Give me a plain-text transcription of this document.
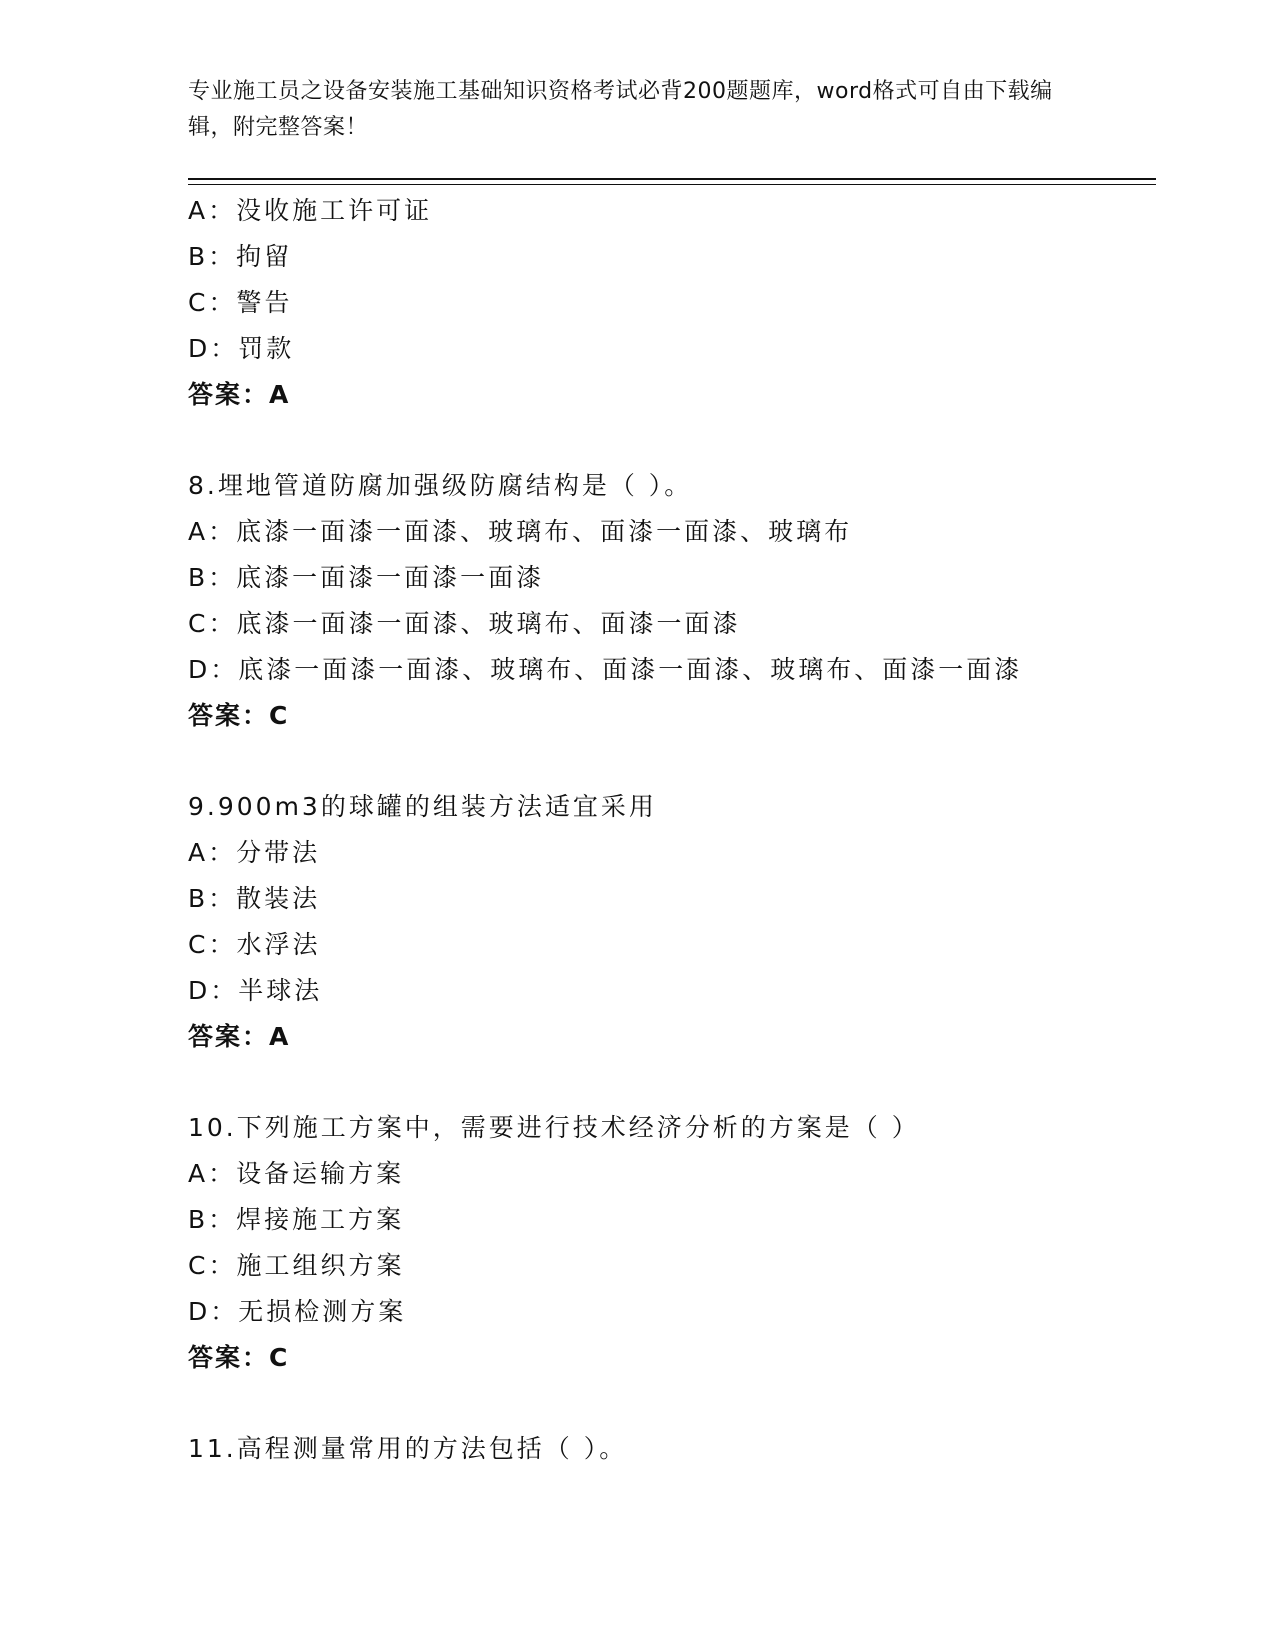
专业施工员之设备安装施工基础知识资格考试必背200题题库，word格式可自由下载编辑，附完整答案！
A：没收施工许可证
B：拘留
C：警告
D：罚款
答案：A
8.埋地管道防腐加强级防腐结构是（ ）。
A：底漆一面漆一面漆、玻璃布、面漆一面漆、玻璃布
B：底漆一面漆一面漆一面漆
C：底漆一面漆一面漆、玻璃布、面漆一面漆
D：底漆一面漆一面漆、玻璃布、面漆一面漆、玻璃布、面漆一面漆
答案：C
9.900m3的球罐的组装方法适宜采用
A：分带法
B：散装法
C：水浮法
D：半球法
答案：A
10.下列施工方案中，需要进行技术经济分析的方案是（ ）
A：设备运输方案
B：焊接施工方案
C：施工组织方案
D：无损检测方案
答案：C
11.高程测量常用的方法包括（ ）。
